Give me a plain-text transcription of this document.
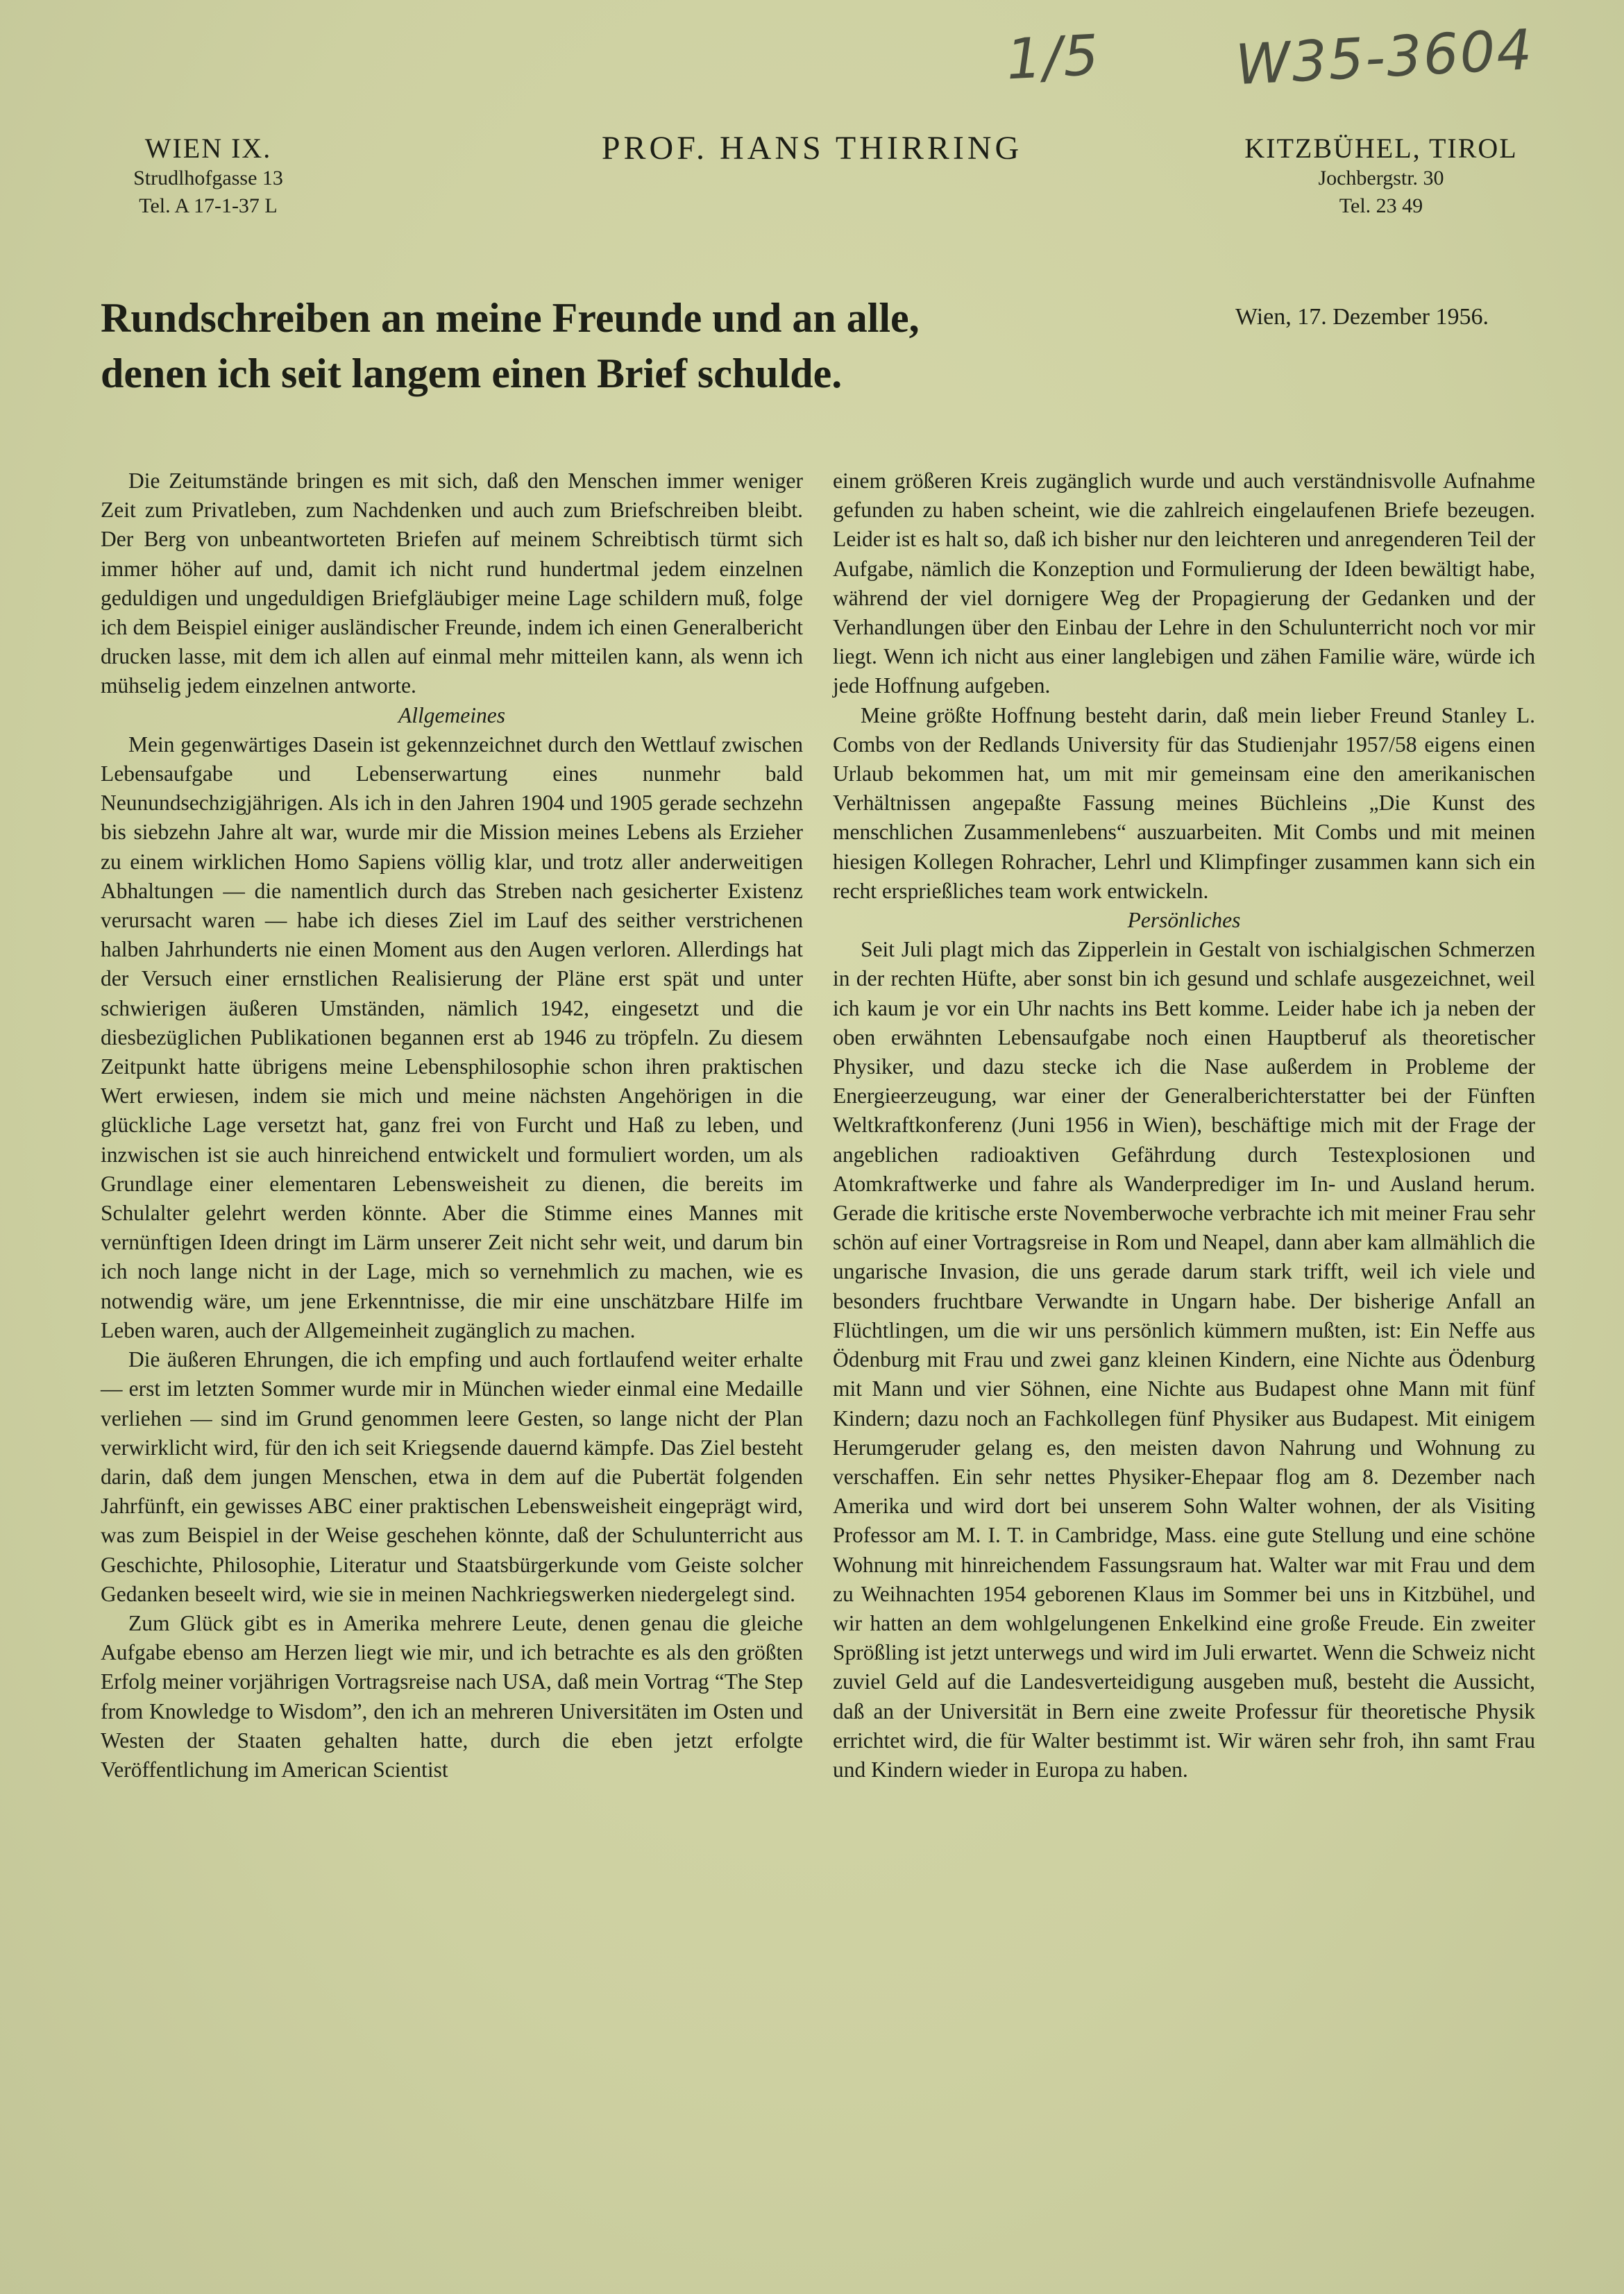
1/5 W35-3604
WIEN IX.
Strudlhofgasse 13
Tel. A 17-1-37 L
PROF. HANS THIRRING	KITZBÜHEL, TIROL
Jochbergstr. 30
Tel. 23 49
Rundschreiben an meine Freunde und an alle,
denen ich seit langem einen Brief schulde.
Wien, 17. Dezember 1956.

Die Zeitumstände bringen es mit sich, daß den Menschen immer weniger Zeit zum Privatleben, zum Nachdenken und auch zum Briefschreiben bleibt. Der Berg von unbeantworteten Briefen auf meinem Schreibtisch türmt sich immer höher auf und, damit ich nicht rund hundertmal jedem einzelnen geduldigen und ungeduldigen Briefgläubiger meine Lage schildern muß, folge ich dem Beispiel einiger ausländischer Freunde, indem ich einen Generalbericht drucken lasse, mit dem ich allen auf einmal mehr mitteilen kann, als wenn ich mühselig jedem einzelnen antworte.

Allgemeines

Mein gegenwärtiges Dasein ist gekennzeichnet durch den Wettlauf zwischen Lebensaufgabe und Lebenserwartung eines nunmehr bald Neunundsechzigjährigen. Als ich in den Jahren 1904 und 1905 gerade sechzehn bis siebzehn Jahre alt war, wurde mir die Mission meines Lebens als Erzieher zu einem wirklichen Homo Sapiens völlig klar, und trotz aller anderweitigen Abhaltungen — die namentlich durch das Streben nach gesicherter Existenz verursacht waren — habe ich dieses Ziel im Lauf des seither verstrichenen halben Jahrhunderts nie einen Moment aus den Augen verloren. Allerdings hat der Versuch einer ernstlichen Realisierung der Pläne erst spät und unter schwierigen äußeren Umständen, nämlich 1942, eingesetzt und die diesbezüglichen Publikationen begannen erst ab 1946 zu tröpfeln. Zu diesem Zeitpunkt hatte übrigens meine Lebensphilosophie schon ihren praktischen Wert erwiesen, indem sie mich und meine nächsten Angehörigen in die glückliche Lage versetzt hat, ganz frei von Furcht und Haß zu leben, und inzwischen ist sie auch hinreichend entwickelt und formuliert worden, um als Grundlage einer elementaren Lebensweisheit zu dienen, die bereits im Schulalter gelehrt werden könnte. Aber die Stimme eines Mannes mit vernünftigen Ideen dringt im Lärm unserer Zeit nicht sehr weit, und darum bin ich noch lange nicht in der Lage, mich so vernehmlich zu machen, wie es notwendig wäre, um jene Erkenntnisse, die mir eine unschätzbare Hilfe im Leben waren, auch der Allgemeinheit zugänglich zu machen.

Die äußeren Ehrungen, die ich empfing und auch fortlaufend weiter erhalte — erst im letzten Sommer wurde mir in München wieder einmal eine Medaille verliehen — sind im Grund genommen leere Gesten, so lange nicht der Plan verwirklicht wird, für den ich seit Kriegsende dauernd kämpfe. Das Ziel besteht darin, daß dem jungen Menschen, etwa in dem auf die Pubertät folgenden Jahrfünft, ein gewisses ABC einer praktischen Lebensweisheit eingeprägt wird, was zum Beispiel in der Weise geschehen könnte, daß der Schulunterricht aus Geschichte, Philosophie, Literatur und Staatsbürgerkunde vom Geiste solcher Gedanken beseelt wird, wie sie in meinen Nachkriegswerken niedergelegt sind.

Zum Glück gibt es in Amerika mehrere Leute, denen genau die gleiche Aufgabe ebenso am Herzen liegt wie mir, und ich betrachte es als den größten Erfolg meiner vorjährigen Vortragsreise nach USA, daß mein Vortrag “The Step from Knowledge to Wisdom”, den ich an mehreren Universitäten im Osten und Westen der Staaten gehalten hatte, durch die eben jetzt erfolgte Veröffentlichung im American Scientist

einem größeren Kreis zugänglich wurde und auch verständnisvolle Aufnahme gefunden zu haben scheint, wie die zahlreich eingelaufenen Briefe bezeugen. Leider ist es halt so, daß ich bisher nur den leichteren und anregenderen Teil der Aufgabe, nämlich die Konzeption und Formulierung der Ideen bewältigt habe, während der viel dornigere Weg der Propagierung der Gedanken und der Verhandlungen über den Einbau der Lehre in den Schulunterricht noch vor mir liegt. Wenn ich nicht aus einer langlebigen und zähen Familie wäre, würde ich jede Hoffnung aufgeben.

Meine größte Hoffnung besteht darin, daß mein lieber Freund Stanley L. Combs von der Redlands University für das Studienjahr 1957/58 eigens einen Urlaub bekommen hat, um mit mir gemeinsam eine den amerikanischen Verhältnissen angepaßte Fassung meines Büchleins „Die Kunst des menschlichen Zusammenlebens“ auszuarbeiten. Mit Combs und mit meinen hiesigen Kollegen Rohracher, Lehrl und Klimpfinger zusammen kann sich ein recht ersprießliches team work entwickeln.

Persönliches

Seit Juli plagt mich das Zipperlein in Gestalt von ischialgischen Schmerzen in der rechten Hüfte, aber sonst bin ich gesund und schlafe ausgezeichnet, weil ich kaum je vor ein Uhr nachts ins Bett komme. Leider habe ich ja neben der oben erwähnten Lebensaufgabe noch einen Hauptberuf als theoretischer Physiker, und dazu stecke ich die Nase außerdem in Probleme der Energieerzeugung, war einer der Generalberichterstatter bei der Fünften Weltkraftkonferenz (Juni 1956 in Wien), beschäftige mich mit der Frage der angeblichen radioaktiven Gefährdung durch Testexplosionen und Atomkraftwerke und fahre als Wanderprediger im In- und Ausland herum. Gerade die kritische erste Novemberwoche verbrachte ich mit meiner Frau sehr schön auf einer Vortragsreise in Rom und Neapel, dann aber kam allmählich die ungarische Invasion, die uns gerade darum stark trifft, weil ich viele und besonders fruchtbare Verwandte in Ungarn habe. Der bisherige Anfall an Flüchtlingen, um die wir uns persönlich kümmern mußten, ist: Ein Neffe aus Ödenburg mit Frau und zwei ganz kleinen Kindern, eine Nichte aus Ödenburg mit Mann und vier Söhnen, eine Nichte aus Budapest ohne Mann mit fünf Kindern; dazu noch an Fachkollegen fünf Physiker aus Budapest. Mit einigem Herumgeruder gelang es, den meisten davon Nahrung und Wohnung zu verschaffen. Ein sehr nettes Physiker-Ehepaar flog am 8. Dezember nach Amerika und wird dort bei unserem Sohn Walter wohnen, der als Visiting Professor am M. I. T. in Cambridge, Mass. eine gute Stellung und eine schöne Wohnung mit hinreichendem Fassungsraum hat. Walter war mit Frau und dem zu Weihnachten 1954 geborenen Klaus im Sommer bei uns in Kitzbühel, und wir hatten an dem wohlgelungenen Enkelkind eine große Freude. Ein zweiter Sprößling ist jetzt unterwegs und wird im Juli erwartet. Wenn die Schweiz nicht zuviel Geld auf die Landesverteidigung ausgeben muß, besteht die Aussicht, daß an der Universität in Bern eine zweite Professur für theoretische Physik errichtet wird, die für Walter bestimmt ist. Wir wären sehr froh, ihn samt Frau und Kindern wieder in Europa zu haben.
